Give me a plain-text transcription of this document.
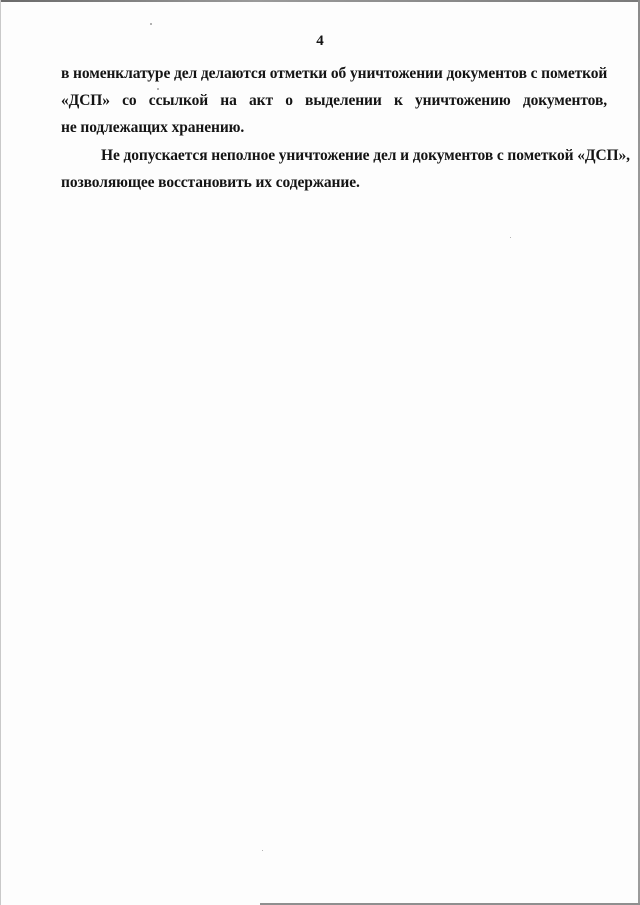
4
в номенклатуре дел делаются отметки об уничтожении документов с пометкой
«ДСП» со ссылкой на акт о выделении к уничтожению документов,
не подлежащих хранению.
Не допускается неполное уничтожение дел и документов с пометкой «ДСП»,
позволяющее восстановить их содержание.
